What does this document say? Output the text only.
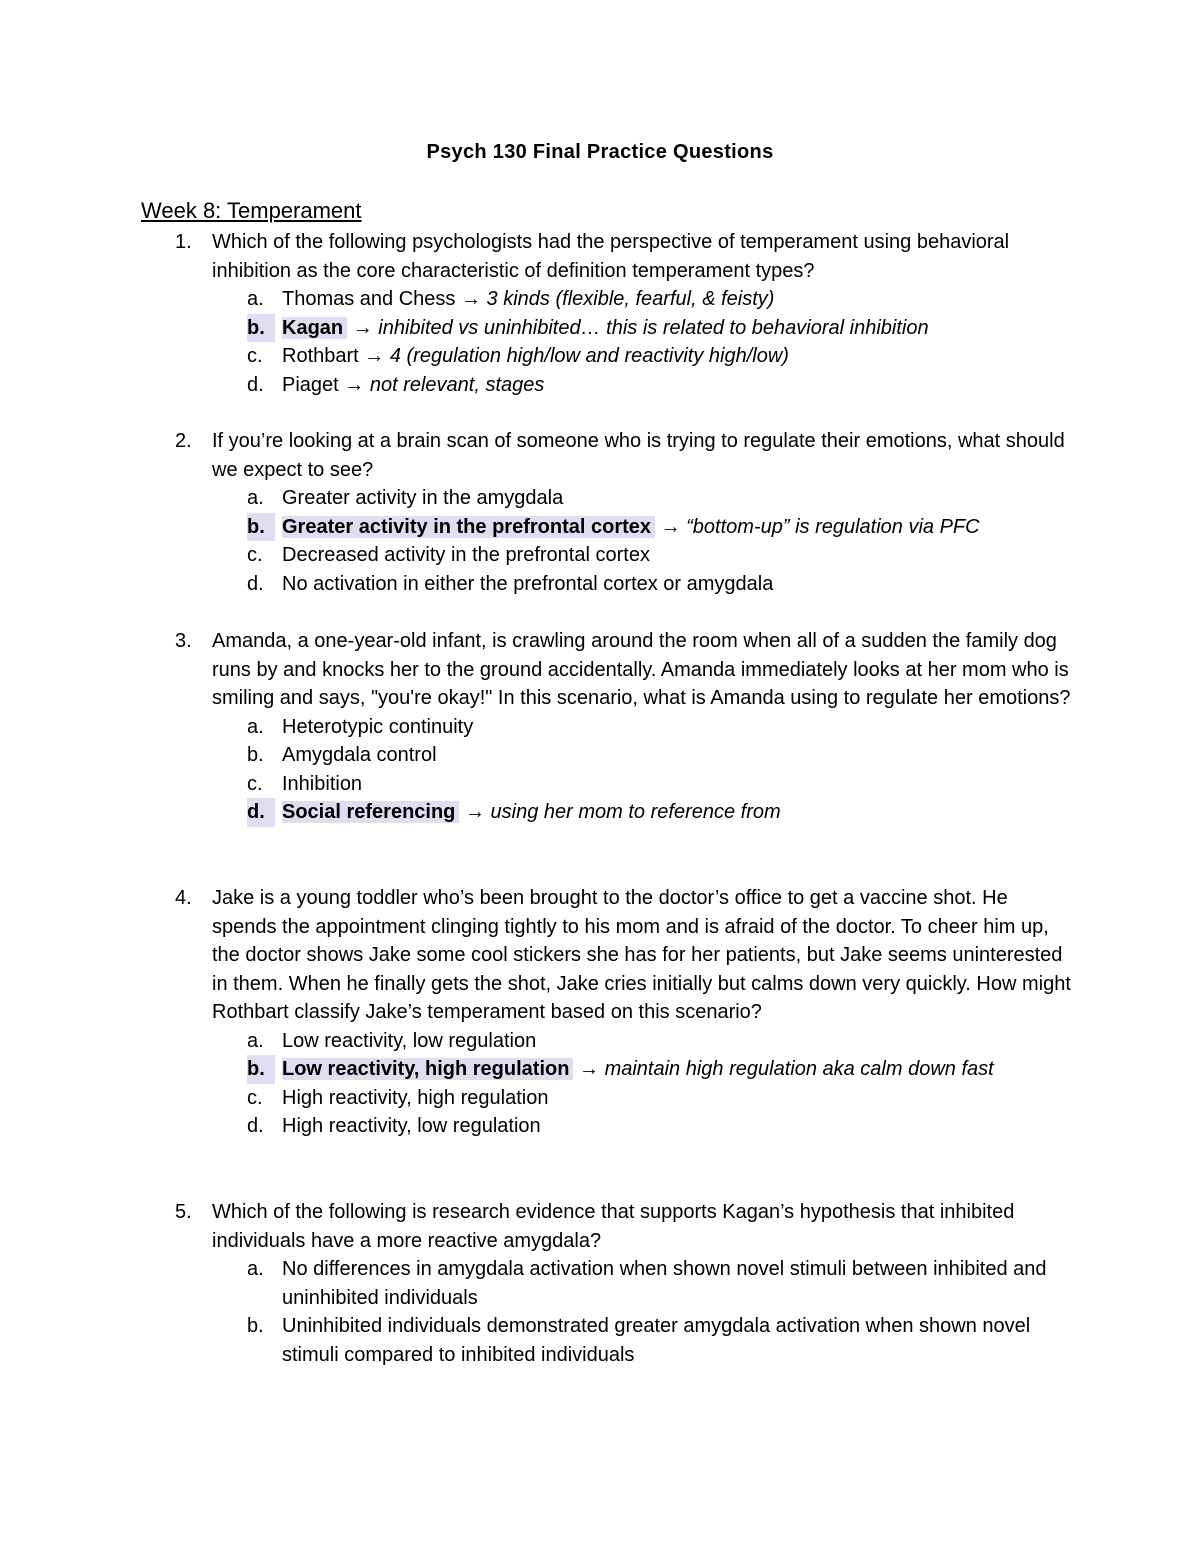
Psych 130 Final Practice Questions
Week 8: Temperament
1. Which of the following psychologists had the perspective of temperament using behavioral inhibition as the core characteristic of definition temperament types?
a. Thomas and Chess → 3 kinds (flexible, fearful, & feisty)
b. Kagan → inhibited vs uninhibited… this is related to behavioral inhibition
c. Rothbart → 4 (regulation high/low and reactivity high/low)
d. Piaget → not relevant, stages
2. If you’re looking at a brain scan of someone who is trying to regulate their emotions, what should we expect to see?
a. Greater activity in the amygdala
b. Greater activity in the prefrontal cortex → “bottom-up” is regulation via PFC
c. Decreased activity in the prefrontal cortex
d. No activation in either the prefrontal cortex or amygdala
3. Amanda, a one-year-old infant, is crawling around the room when all of a sudden the family dog runs by and knocks her to the ground accidentally. Amanda immediately looks at her mom who is smiling and says, "you're okay!" In this scenario, what is Amanda using to regulate her emotions?
a. Heterotypic continuity
b. Amygdala control
c. Inhibition
d. Social referencing → using her mom to reference from
4. Jake is a young toddler who’s been brought to the doctor’s office to get a vaccine shot. He spends the appointment clinging tightly to his mom and is afraid of the doctor. To cheer him up, the doctor shows Jake some cool stickers she has for her patients, but Jake seems uninterested in them. When he finally gets the shot, Jake cries initially but calms down very quickly. How might Rothbart classify Jake’s temperament based on this scenario?
a. Low reactivity, low regulation
b. Low reactivity, high regulation → maintain high regulation aka calm down fast
c. High reactivity, high regulation
d. High reactivity, low regulation
5. Which of the following is research evidence that supports Kagan’s hypothesis that inhibited individuals have a more reactive amygdala?
a. No differences in amygdala activation when shown novel stimuli between inhibited and uninhibited individuals
b. Uninhibited individuals demonstrated greater amygdala activation when shown novel stimuli compared to inhibited individuals
